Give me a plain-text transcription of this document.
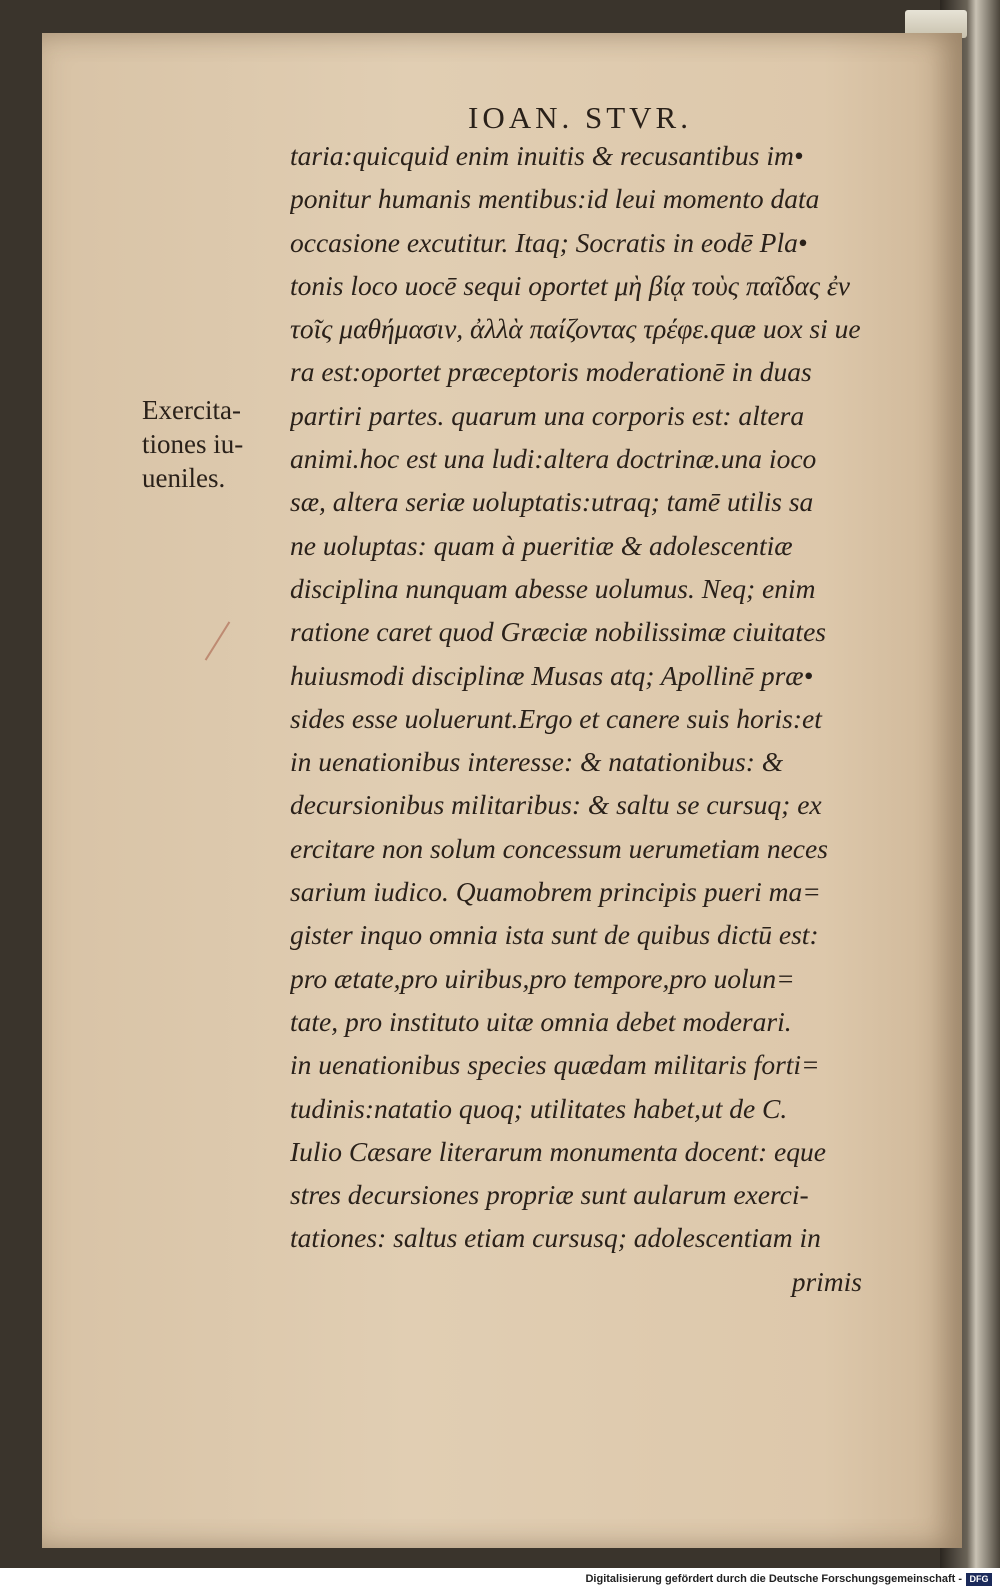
IOAN. STVR.
Exercita-
tiones iu-
ueniles.
taria:quicquid enim inuitis & recusantibus im•
ponitur humanis mentibus:id leui momento data
occasione excutitur. Itaq; Socratis in eodē Pla•
tonis loco uocē sequi oportet μὴ βίᾳ τοὺς παῖδας ἐν
τοῖς μαθήμασιν, ἀλλὰ παίζοντας τρέφε.quæ uox si ue
ra est:oportet præceptoris moderationē in duas
partiri partes. quarum una corporis est: altera
animi.hoc est una ludi:altera doctrinæ.una ioco
sæ, altera seriæ uoluptatis:utraq; tamē utilis sa
ne uoluptas: quam à pueritiæ & adolescentiæ
disciplina nunquam abesse uolumus. Neq; enim
ratione caret quod Græciæ nobilissimæ ciuitates
huiusmodi disciplinæ Musas atq; Apollinē præ•
sides esse uoluerunt.Ergo et canere suis horis:et
in uenationibus interesse: & natationibus: &
decursionibus militaribus: & saltu se cursuq; ex
ercitare non solum concessum uerumetiam neces
sarium iudico. Quamobrem principis pueri ma=
gister inquo omnia ista sunt de quibus dictū est:
pro ætate,pro uiribus,pro tempore,pro uolun=
tate, pro instituto uitæ omnia debet moderari.
in uenationibus species quædam militaris forti=
tudinis:natatio quoq; utilitates habet,ut de C.
Iulio Cæsare literarum monumenta docent: eque
stres decursiones propriæ sunt aularum exerci-
tationes: saltus etiam cursusq; adolescentiam in
primis
Digitalisierung gefördert durch die Deutsche Forschungsgemeinschaft - DFG
